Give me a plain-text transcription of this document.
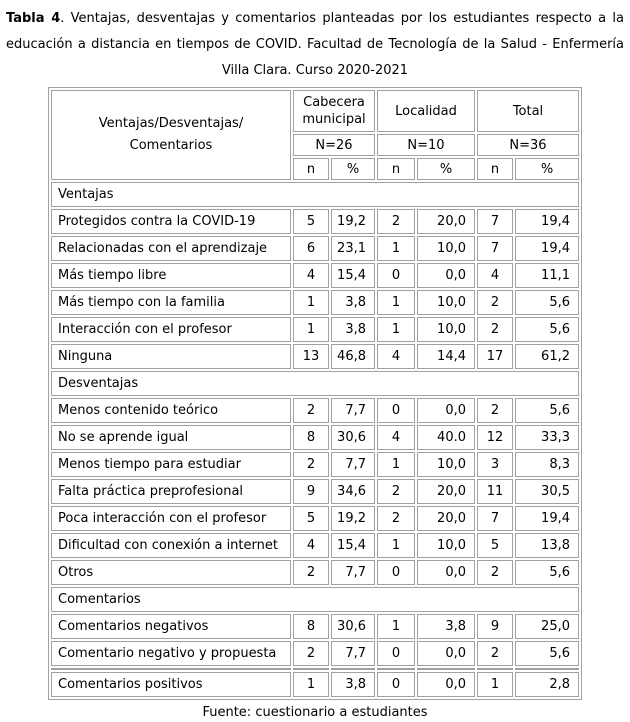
Tabla 4. Ventajas, desventajas y comentarios planteadas por los estudiantes respecto a la educación a distancia en tiempos de COVID. Facultad de Tecnología de la Salud - Enfermería Villa Clara. Curso 2020-2021
Ventajas/Desventajas/
Comentarios	Cabecera municipal		Localidad		Total	
	N=26		N=10		N=36	
	n	%	n	%	n	%
Ventajas						
Protegidos contra la COVID-19	5	19,2	2	20,0	7	19,4
Relacionadas con el aprendizaje	6	23,1	1	10,0	7	19,4
Más tiempo libre	4	15,4	0	0,0	4	11,1
Más tiempo con la familia	1	3,8	1	10,0	2	5,6
Interacción con el profesor	1	3,8	1	10,0	2	5,6
Ninguna	13	46,8	4	14,4	17	61,2
Desventajas						
Menos contenido teórico	2	7,7	0	0,0	2	5,6
No se aprende igual	8	30,6	4	40.0	12	33,3
Menos tiempo para estudiar	2	7,7	1	10,0	3	8,3
Falta práctica preprofesional	9	34,6	2	20,0	11	30,5
Poca interacción con el profesor	5	19,2	2	20,0	7	19,4
Dificultad con conexión a internet	4	15,4	1	10,0	5	13,8
Otros	2	7,7	0	0,0	2	5,6
Comentarios						
Comentarios negativos	8	30,6	1	3,8	9	25,0
Comentario negativo y propuesta	2	7,7	0	0,0	2	5,6

Comentarios positivos	1	3,8	0	0,0	1	2,8
Fuente: cuestionario a estudiantes
